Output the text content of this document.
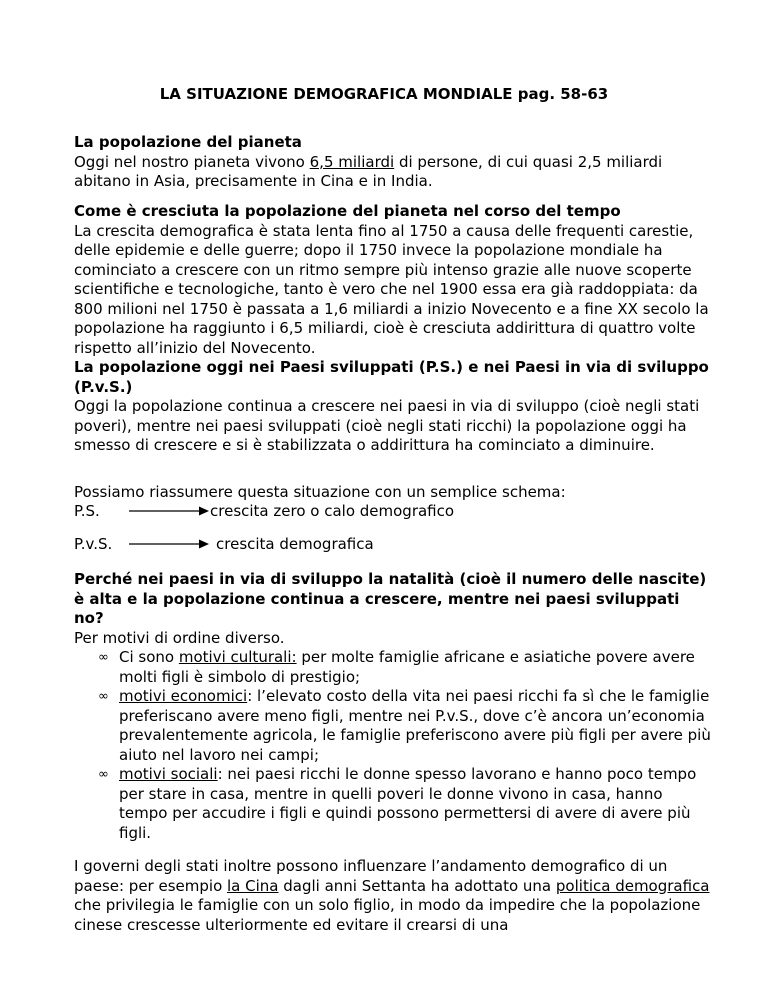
LA SITUAZIONE DEMOGRAFICA MONDIALE pag. 58-63

La popolazione del pianeta

Oggi nel nostro pianeta vivono 6,5 miliardi di persone, di cui quasi 2,5 miliardi abitano in Asia, precisamente in Cina e in India.

Come è cresciuta la popolazione del pianeta nel corso del tempo

La crescita demografica è stata lenta fino al 1750 a causa delle frequenti carestie, delle epidemie e delle guerre; dopo il 1750 invece la popolazione mondiale ha cominciato a crescere con un ritmo sempre più intenso grazie alle nuove scoperte scientifiche e tecnologiche, tanto è vero che nel 1900 essa era già raddoppiata: da 800 milioni nel 1750 è passata a 1,6 miliardi a inizio Novecento e a fine XX secolo la popolazione ha raggiunto i 6,5 miliardi, cioè è cresciuta addirittura di quattro volte rispetto all’inizio del Novecento.

La popolazione oggi nei Paesi sviluppati (P.S.) e nei Paesi in via di sviluppo (P.v.S.)

Oggi la popolazione continua a crescere nei paesi in via di sviluppo (cioè negli stati poveri), mentre nei paesi sviluppati (cioè negli stati ricchi) la popolazione oggi ha smesso di crescere e si è stabilizzata o addirittura ha cominciato a diminuire.

Possiamo riassumere questa situazione con un semplice schema:
P.S.	crescita zero o calo demografico
P.v.S.	crescita demografica

Perché nei paesi in via di sviluppo la natalità (cioè il numero delle nascite) è alta e la popolazione continua a crescere, mentre nei paesi sviluppati no?

Per motivi di ordine diverso.

∞ Ci sono motivi culturali: per molte famiglie africane e asiatiche povere avere molti figli è simbolo di prestigio;
∞ motivi economici: l’elevato costo della vita nei paesi ricchi fa sì che le famiglie preferiscano avere meno figli, mentre nei P.v.S., dove c’è ancora un’economia prevalentemente agricola, le famiglie preferiscono avere più figli per avere più aiuto nel lavoro nei campi;
∞ motivi sociali: nei paesi ricchi le donne spesso lavorano e hanno poco tempo per stare in casa, mentre in quelli poveri le donne vivono in casa, hanno tempo per accudire i figli e quindi possono permettersi di avere di avere più figli.

I governi degli stati inoltre possono influenzare l’andamento demografico di un paese: per esempio la Cina dagli anni Settanta ha adottato una politica demografica che privilegia le famiglie con un solo figlio, in modo da impedire che la popolazione cinese crescesse ulteriormente ed evitare il crearsi di una
